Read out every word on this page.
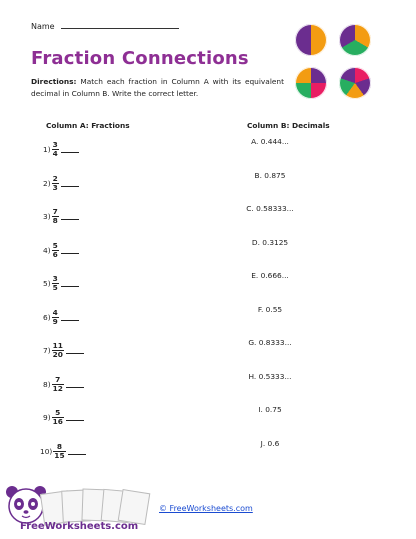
Name
Fraction Connections
Directions: Match each fraction in Column A with its equivalent decimal in Column B. Write the correct letter.
Column A: Fractions	Column B: Decimals
$1) \frac{3}{4}$
$2) \frac{2}{3}$
$3) \frac{7}{8}$
$4) \frac{5}{6}$
$5) \frac{3}{5}$
$6) \frac{4}{9}$
$7) \frac{11}{20}$
$8) \frac{7}{12}$
$9) \frac{5}{16}$
$10) \frac{8}{15}$
A. 0.444...
B. 0.875
C. 0.58333...
D. 0.3125
E. 0.666...
F. 0.55
G. 0.8333...
H. 0.5333...
I. 0.75
J. 0.6
FreeWorksheets.com
© FreeWorksheets.com
